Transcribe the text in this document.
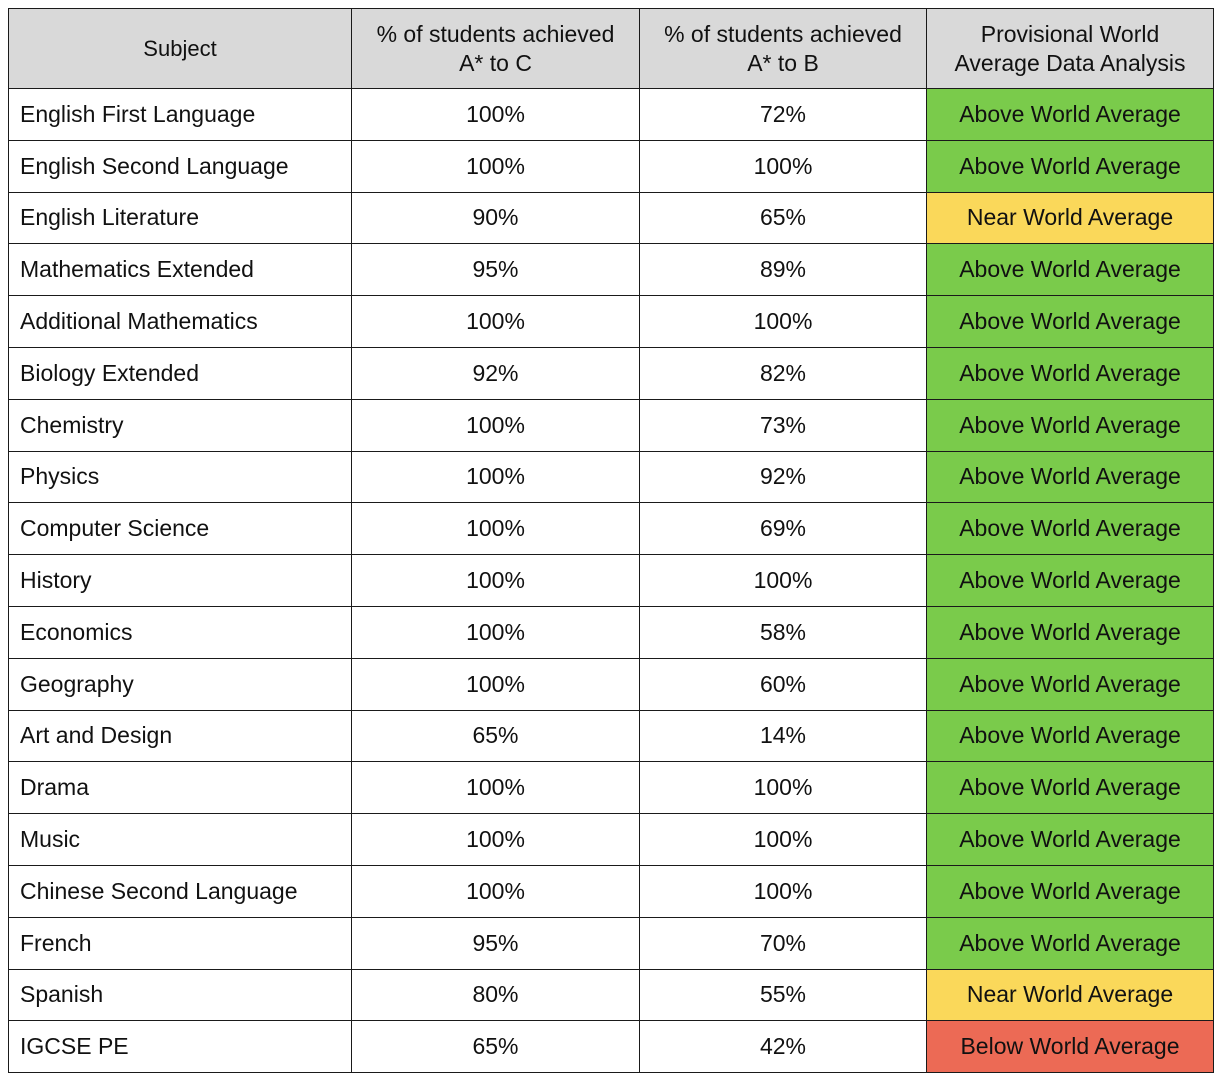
Subject	% of students achieved A* to C	% of students achieved A* to B	Provisional World Average Data Analysis
English First Language	100%	72%	Above World Average
English Second Language	100%	100%	Above World Average
English Literature	90%	65%	Near World Average
Mathematics Extended	95%	89%	Above World Average
Additional Mathematics	100%	100%	Above World Average
Biology Extended	92%	82%	Above World Average
Chemistry	100%	73%	Above World Average
Physics	100%	92%	Above World Average
Computer Science	100%	69%	Above World Average
History	100%	100%	Above World Average
Economics	100%	58%	Above World Average
Geography	100%	60%	Above World Average
Art and Design	65%	14%	Above World Average
Drama	100%	100%	Above World Average
Music	100%	100%	Above World Average
Chinese Second Language	100%	100%	Above World Average
French	95%	70%	Above World Average
Spanish	80%	55%	Near World Average
IGCSE PE	65%	42%	Below World Average
